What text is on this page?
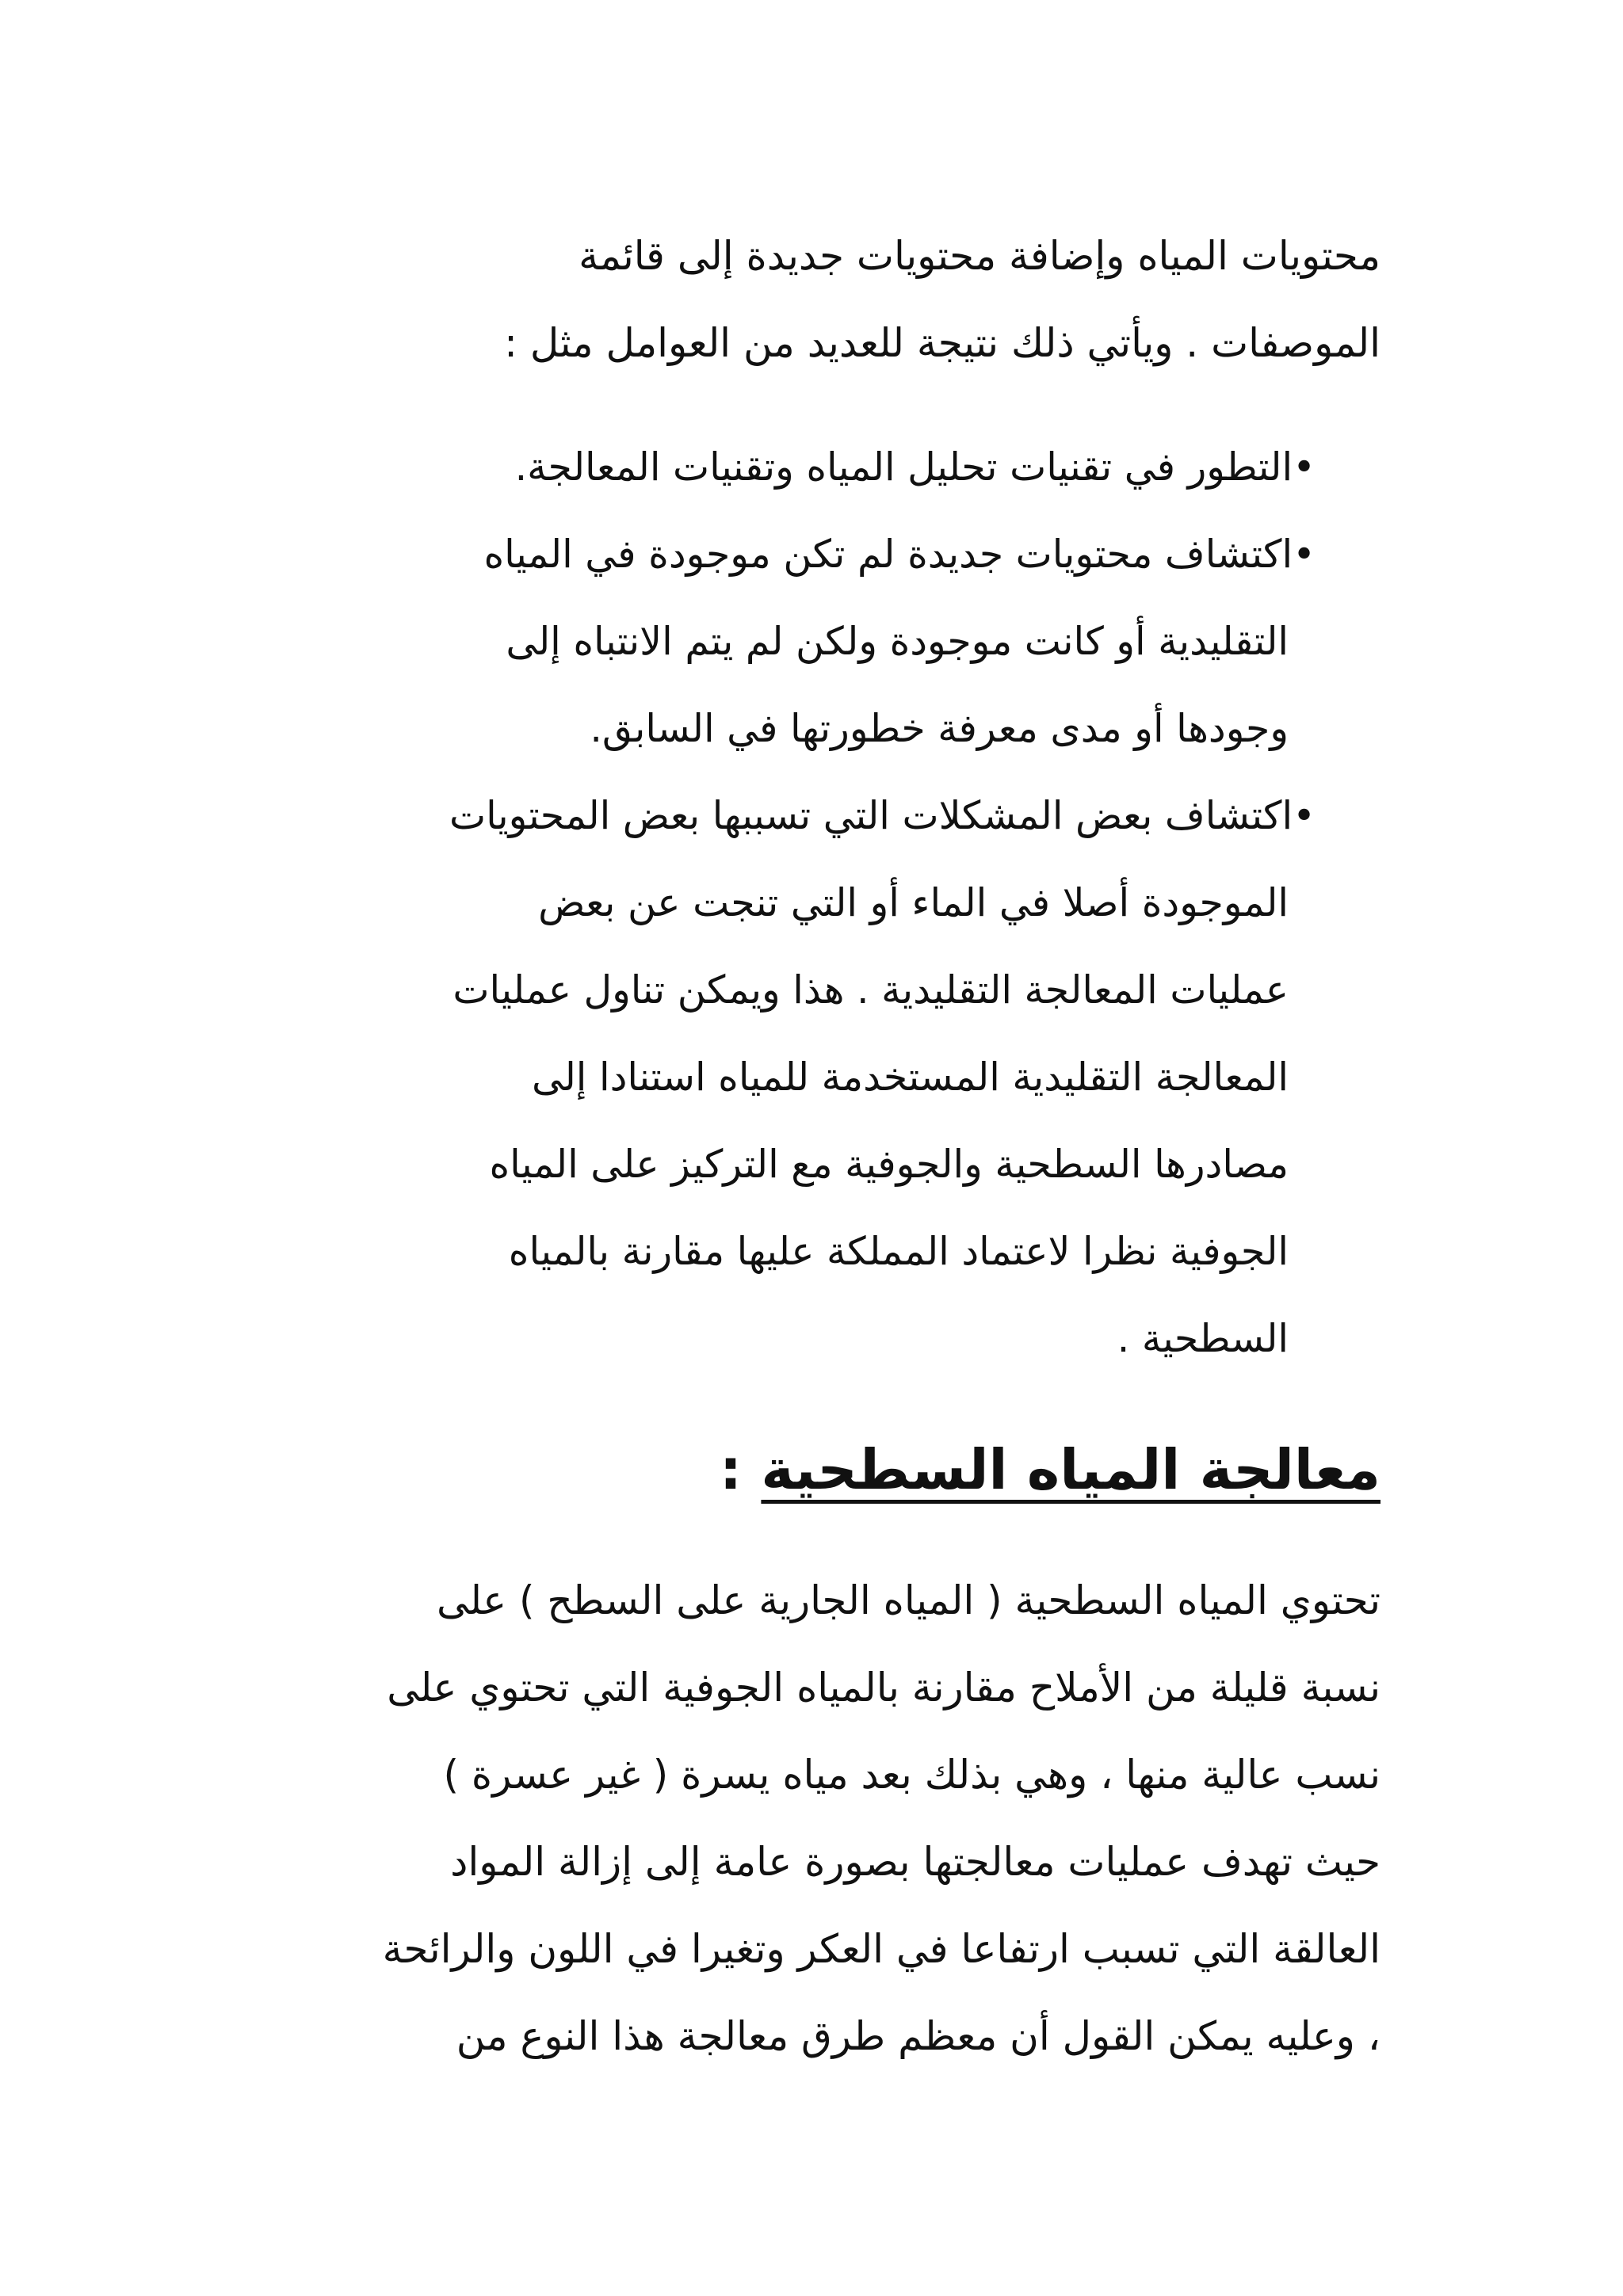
محتويات المياه وإضافة محتويات جديدة إلى قائمة
الموصفات . ويأتي ذلك نتيجة للعديد من العوامل مثل :
•التطور في تقنيات تحليل المياه وتقنيات المعالجة.
•اكتشاف محتويات جديدة لم تكن موجودة في المياه
التقليدية أو كانت موجودة ولكن لم يتم الانتباه إلى
وجودها أو مدى معرفة خطورتها في السابق.
•اكتشاف بعض المشكلات التي تسببها بعض المحتويات
الموجودة أصلا في الماء أو التي تنجت عن بعض
عمليات المعالجة التقليدية . هذا ويمكن تناول عمليات
المعالجة التقليدية المستخدمة للمياه استنادا إلى
مصادرها السطحية والجوفية مع التركيز على المياه
الجوفية نظرا لاعتماد المملكة عليها مقارنة بالمياه
السطحية .
معالجة المياه السطحية :
تحتوي المياه السطحية ( المياه الجارية على السطح ) على
نسبة قليلة من الأملاح مقارنة بالمياه الجوفية التي تحتوي على
نسب عالية منها ، وهي بذلك بعد مياه يسرة ( غير عسرة )
حيث تهدف عمليات معالجتها بصورة عامة إلى إزالة المواد
العالقة التي تسبب ارتفاعا في العكر وتغيرا في اللون والرائحة
، وعليه يمكن القول أن معظم طرق معالجة هذا النوع من
